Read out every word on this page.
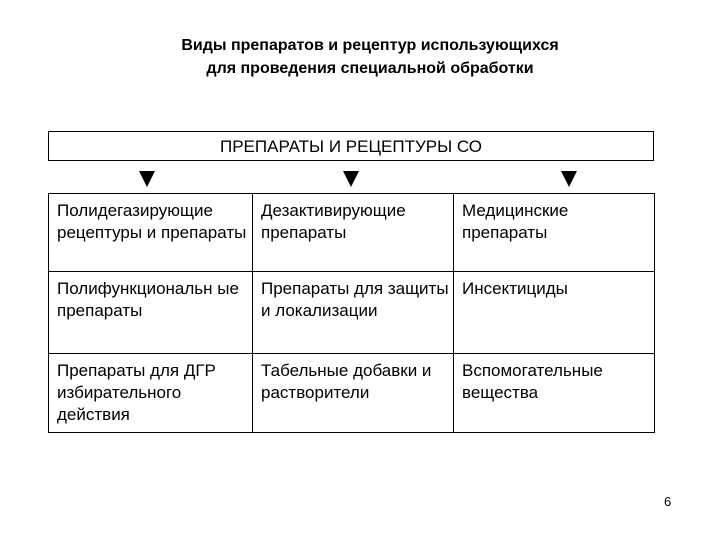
Виды препаратов и рецептур использующихся
для проведения специальной обработки
ПРЕПАРАТЫ И РЕЦЕПТУРЫ СО
Полидегазирующие рецептуры и препараты	Дезактивирующие препараты	Медицинские препараты
Полифункциональн ые препараты	Препараты для защиты и локализации	Инсектициды
Препараты для ДГР избирательного действия	Табельные добавки и растворители	Вспомогательные вещества
6
